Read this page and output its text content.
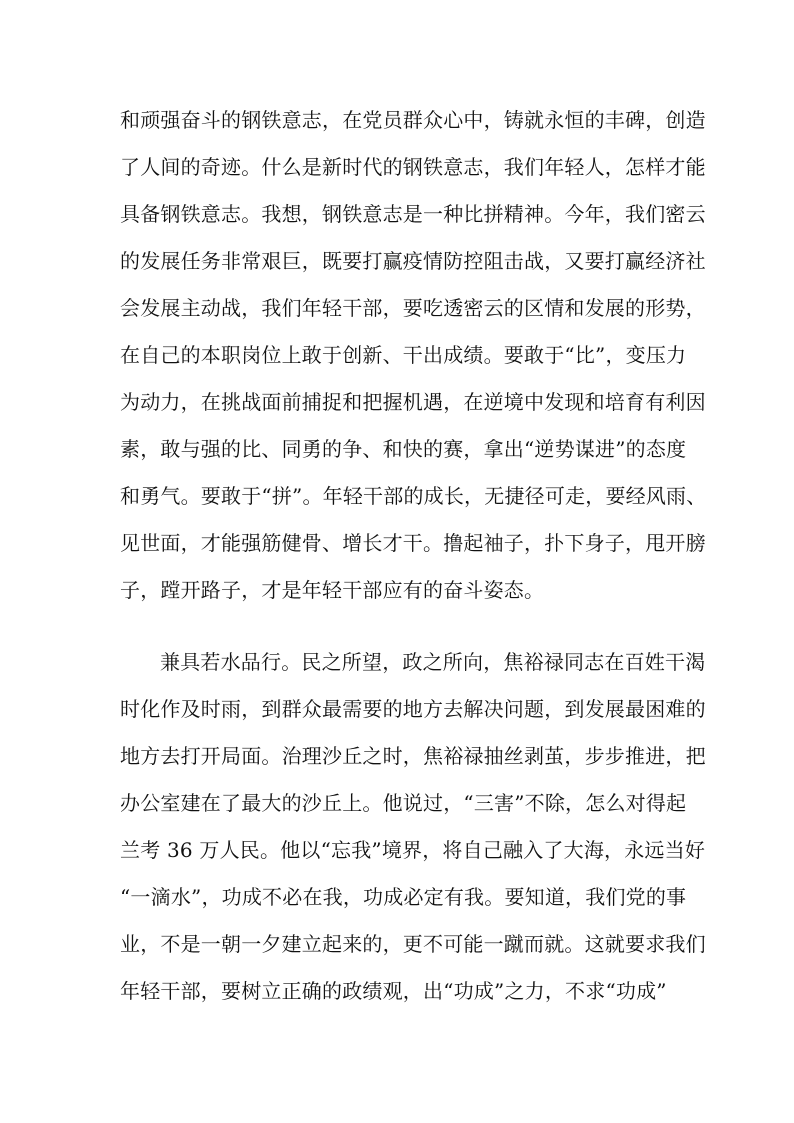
和顽强奋斗的钢铁意志，在党员群众心中，铸就永恒的丰碑，创造
了人间的奇迹。什么是新时代的钢铁意志，我们年轻人，怎样才能
具备钢铁意志。我想，钢铁意志是一种比拼精神。今年，我们密云
的发展任务非常艰巨，既要打赢疫情防控阻击战，又要打赢经济社
会发展主动战，我们年轻干部，要吃透密云的区情和发展的形势，
在自己的本职岗位上敢于创新、干出成绩。要敢于“比”，变压力
为动力，在挑战面前捕捉和把握机遇，在逆境中发现和培育有利因
素，敢与强的比、同勇的争、和快的赛，拿出“逆势谋进”的态度
和勇气。要敢于“拼”。年轻干部的成长，无捷径可走，要经风雨、
见世面，才能强筋健骨、增长才干。撸起袖子，扑下身子，甩开膀
子，蹚开路子，才是年轻干部应有的奋斗姿态。
兼具若水品行。民之所望，政之所向，焦裕禄同志在百姓干渴
时化作及时雨，到群众最需要的地方去解决问题，到发展最困难的
地方去打开局面。治理沙丘之时，焦裕禄抽丝剥茧，步步推进，把
办公室建在了最大的沙丘上。他说过，“三害”不除，怎么对得起
兰考 36 万人民。他以“忘我”境界，将自己融入了大海，永远当好
“一滴水”，功成不必在我，功成必定有我。要知道，我们党的事
业，不是一朝一夕建立起来的，更不可能一蹴而就。这就要求我们
年轻干部，要树立正确的政绩观，出“功成”之力，不求“功成”
